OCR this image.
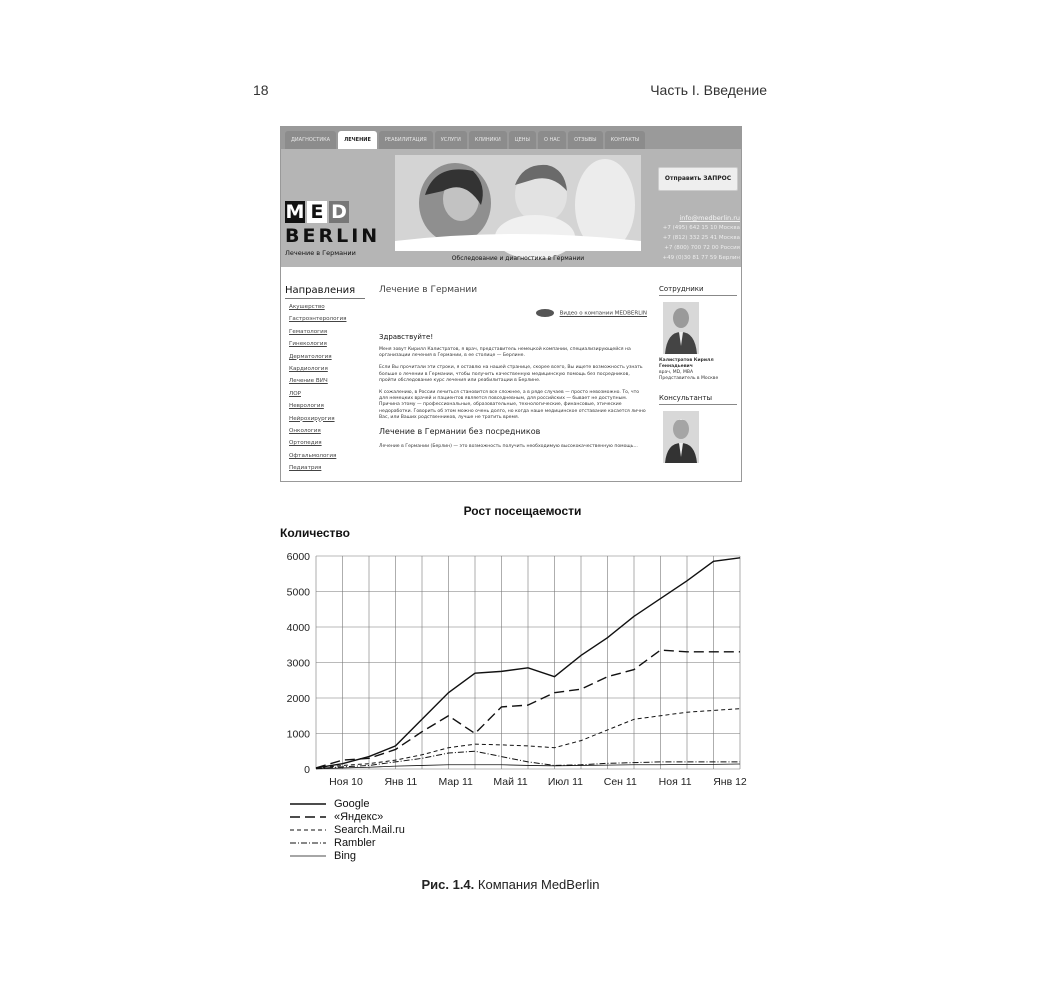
18	Часть I. Введение
ДИАГНОСТИКА	ЛЕЧЕНИЕ	РЕАБИЛИТАЦИЯ	УСЛУГИ	КЛИНИКИ	ЦЕНЫ	О НАС	ОТЗЫВЫ	КОНТАКТЫ
M E D
BERLIN
Лечение в Германии
Обследование и диагностика в Германии
Отправить ЗАПРОС
info@medberlin.ru
+7 (495) 642 15 10 Москва
+7 (812) 332 25 41 Москва
+7 (800) 700 72 00 Россия
+49 (0)30 81 77 59 Берлин
Направления
Акушерство
Гастроэнтерология
Гематология
Гинекология
Дерматология
Кардиология
Лечение ВИЧ
ЛОР
Неврология
Нейрохирургия
Онкология
Ортопедия
Офтальмология
Педиатрия
Лечение в Германии
Видео о компании MEDBERLIN
Здравствуйте!

Меня зовут Кирилл Калистратов, я врач, представитель немецкой компании, специализирующейся на организации лечения в Германии, в ее столице — Берлине.

Если Вы прочитали эти строки, я оставлю на нашей странице, скорее всего, Вы ищете возможность узнать больше о лечении в Германии, чтобы получить качественную медицинскую помощь без посредников, пройти обследование курс лечения или реабилитации в Берлине.

К сожалению, в России лечиться становится все сложнее, а в ряде случаев — просто невозможно. То, что для немецких врачей и пациентов является повседневным, для российских — бывает не доступным. Причина этому — профессиональные, образовательные, технологические, финансовые, этические недоработки. Говорить об этом можно очень долго, но когда наше медицинское отставание касается лично Вас, или Ваших родственников, лучше не тратить время.

Лечение в Германии без посредников

Лечение в Германии (Берлин) — это возможность получить необходимую высококачественную помощь...

Сотрудники
Калистратов Кирилл Геннадьевич
врач, MD, MBA
Представитель в Москве
Консультанты
Рост посещаемости
Количество
0
1000
2000
3000
4000
5000
6000
Ноя 10 Янв 11 Мар 11 Май 11 Июл 11 Сен 11 Ноя 11 Янв 12
Google
«Яндекс»
Search.Mail.ru
Rambler
Bing
Рис. 1.4. Компания MedBerlin
